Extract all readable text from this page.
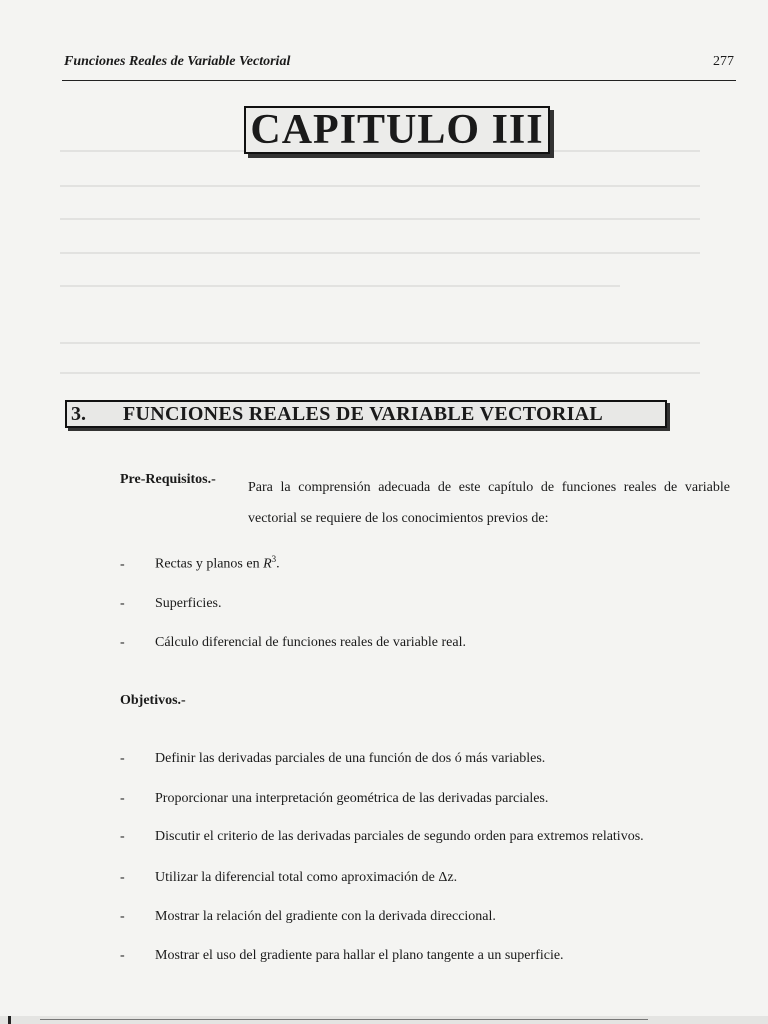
Funciones Reales de Variable Vectorial	277
CAPITULO III
3.	FUNCIONES REALES DE VARIABLE VECTORIAL
Pre-Requisitos.-
Para la comprensión adecuada de este capítulo de funciones reales de variable vectorial se requiere de los conocimientos previos de:
- Rectas y planos en $R^3$.
- Superficies.
- Cálculo diferencial de funciones reales de variable real.
Objetivos.-
- Definir las derivadas parciales de una función de dos ó más variables.
- Proporcionar una interpretación geométrica de las derivadas parciales.
- Discutir el criterio de las derivadas parciales de segundo orden para extremos relativos.
- Utilizar la diferencial total como aproximación de Δz.
- Mostrar la relación del gradiente con la derivada direccional.
- Mostrar el uso del gradiente para hallar el plano tangente a un superficie.
